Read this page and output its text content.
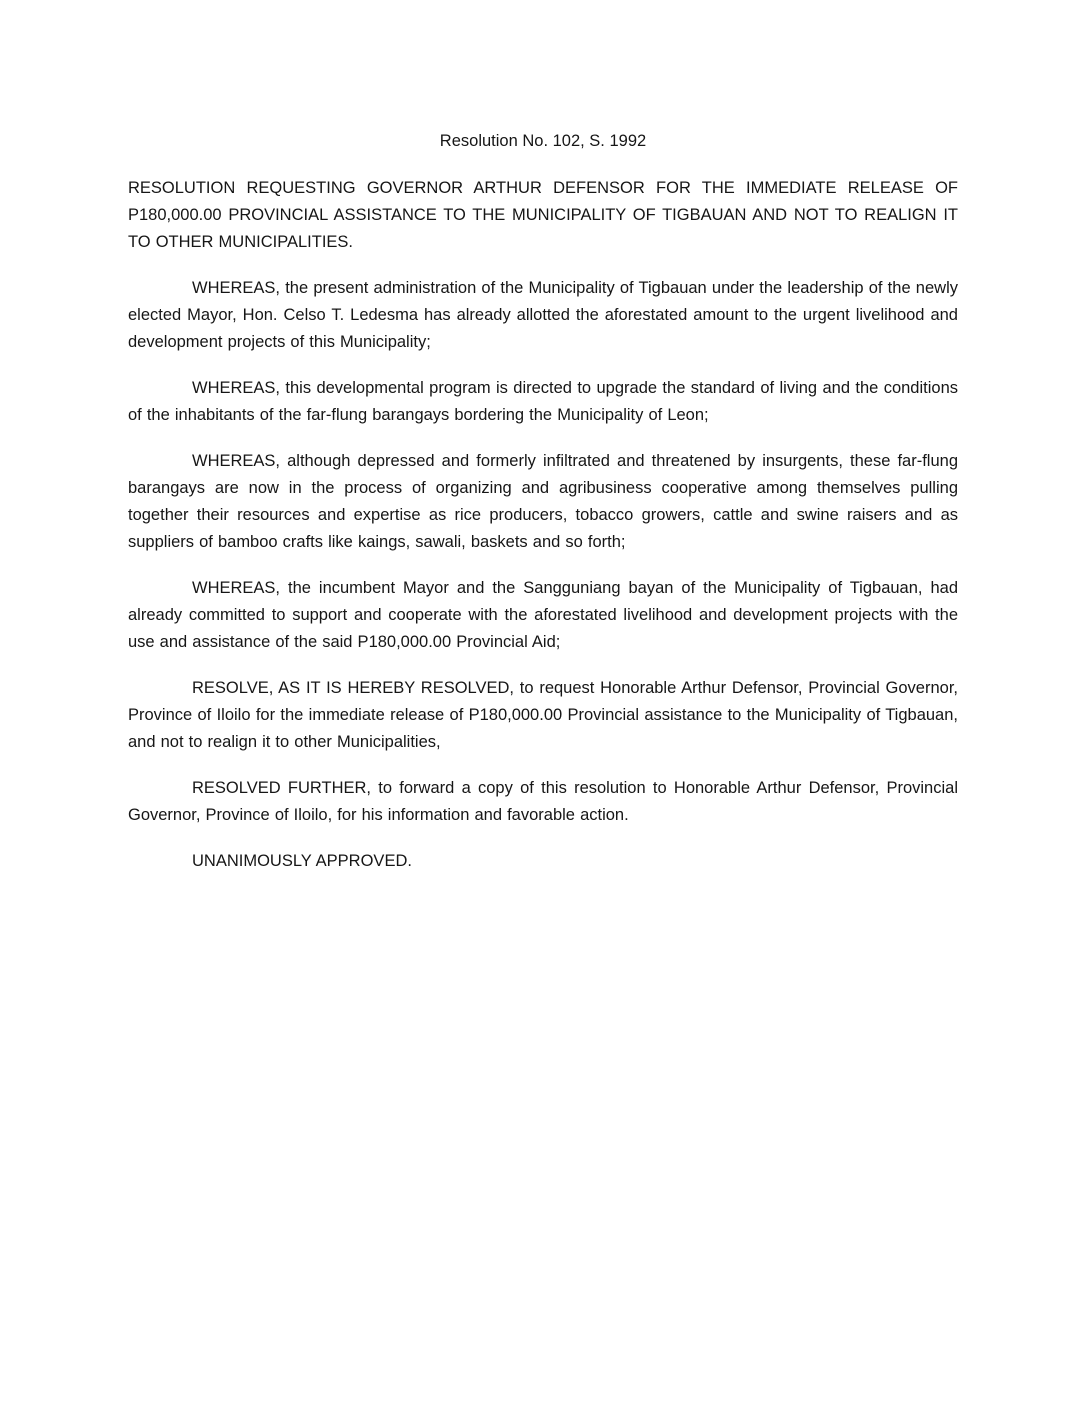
Resolution No. 102, S. 1992

RESOLUTION REQUESTING GOVERNOR ARTHUR DEFENSOR FOR THE IMMEDIATE RELEASE OF P180,000.00 PROVINCIAL ASSISTANCE TO THE MUNICIPALITY OF TIGBAUAN AND NOT TO REALIGN IT TO OTHER MUNICIPALITIES.

WHEREAS, the present administration of the Municipality of Tigbauan under the leadership of the newly elected Mayor, Hon. Celso T. Ledesma has already allotted the aforestated amount to the urgent livelihood and development projects of this Municipality;

WHEREAS, this developmental program is directed to upgrade the standard of living and the conditions of the inhabitants of the far-flung barangays bordering the Municipality of Leon;

WHEREAS, although depressed and formerly infiltrated and threatened by insurgents, these far-flung barangays are now in the process of organizing and agribusiness cooperative among themselves pulling together their resources and expertise as rice producers, tobacco growers, cattle and swine raisers and as suppliers of bamboo crafts like kaings, sawali, baskets and so forth;

WHEREAS, the incumbent Mayor and the Sangguniang bayan of the Municipality of Tigbauan, had already committed to support and cooperate with the aforestated livelihood and development projects with the use and assistance of the said P180,000.00 Provincial Aid;

RESOLVE, AS IT IS HEREBY RESOLVED, to request Honorable Arthur Defensor, Provincial Governor, Province of Iloilo for the immediate release of P180,000.00 Provincial assistance to the Municipality of Tigbauan, and not to realign it to other Municipalities,

RESOLVED FURTHER, to forward a copy of this resolution to Honorable Arthur Defensor, Provincial Governor, Province of Iloilo, for his information and favorable action.

UNANIMOUSLY APPROVED.
